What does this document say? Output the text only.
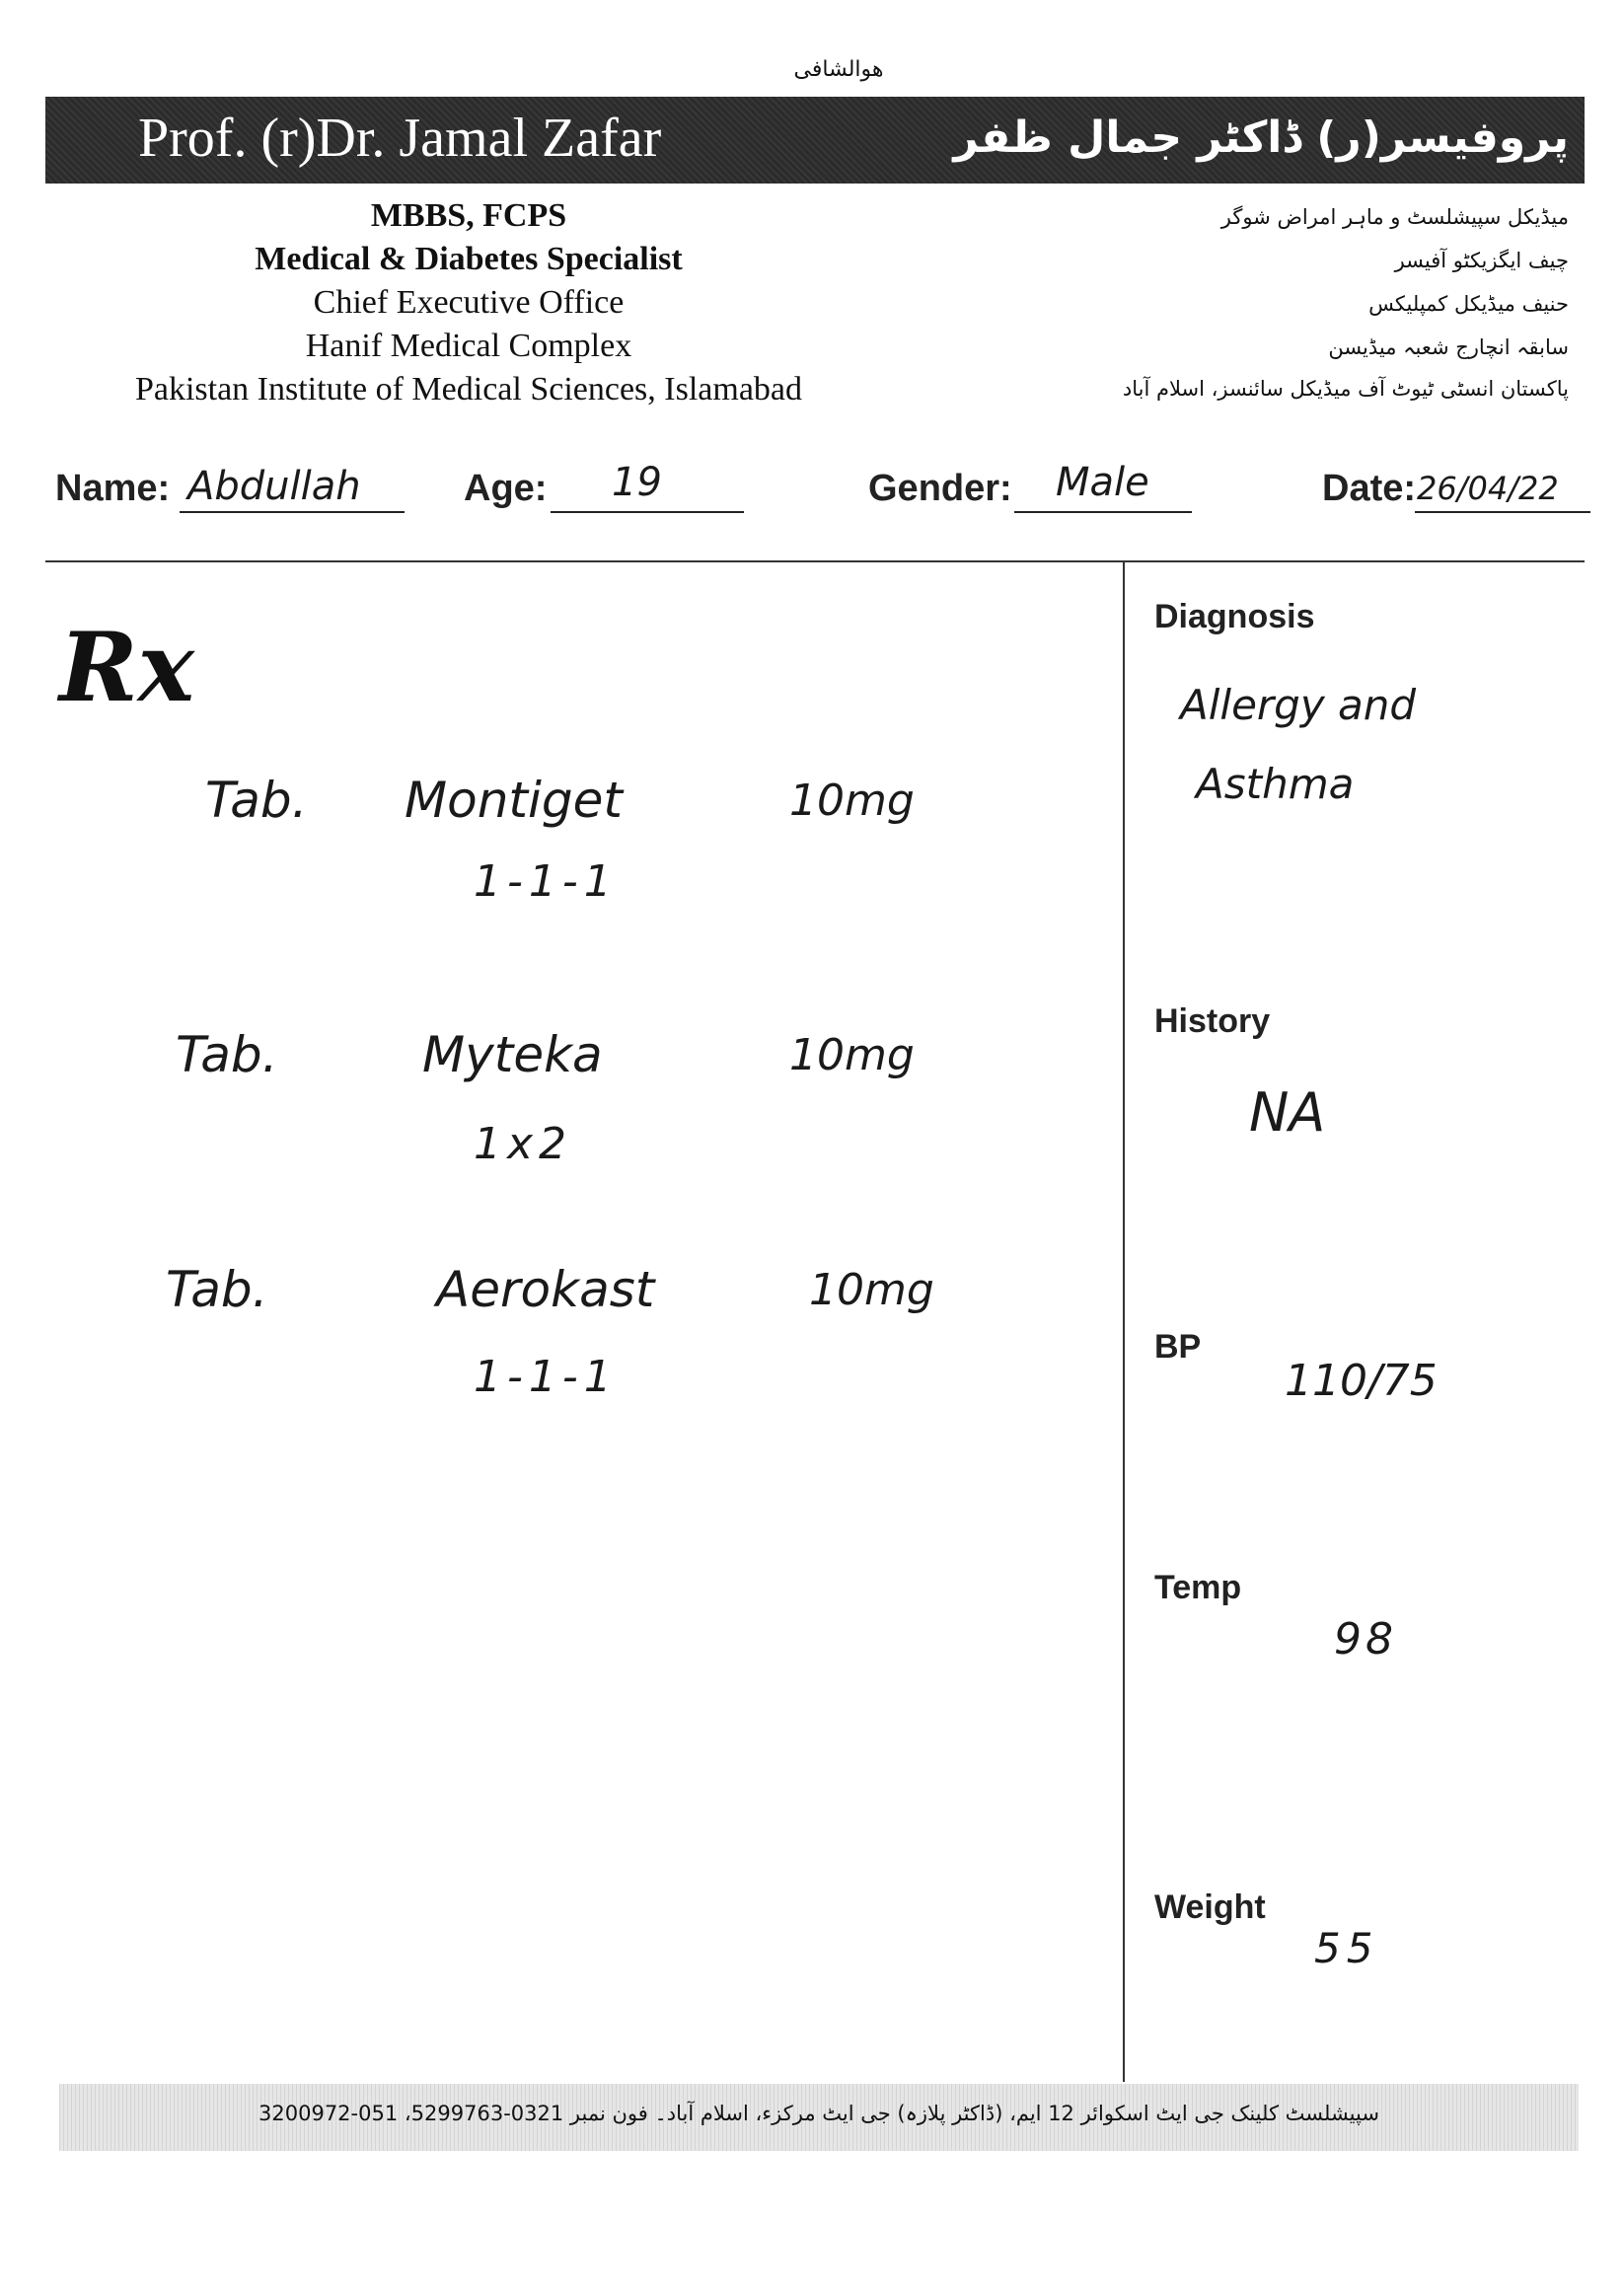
هوالشافی
Prof. (r)Dr. Jamal Zafar	پروفیسر(ر) ڈاکٹر جمال ظفر
MBBS, FCPS
Medical & Diabetes Specialist
Chief Executive Office
Hanif Medical Complex
Pakistan Institute of Medical Sciences, Islamabad
میڈیکل سپیشلسٹ و ماہر امراض شوگر
چیف ایگزیکٹو آفیسر
حنیف میڈیکل کمپلیکس
سابقہ انچارج شعبہ میڈیسن
پاکستان انسٹی ٹیوٹ آف میڈیکل سائنسز، اسلام آباد
Name: Abdullah	Age: 19	Gender: Male	Date: 26/04/22
Rx
Tab. Montiget	10mg
1-1-1
Tab.	Myteka	10mg
1x2
Tab.	Aerokast	10mg
1-1-1
Diagnosis
Allergy and
Asthma
History
NA
BP
110/75
Temp
98
Weight
55
سپیشلسٹ کلینک جی ایٹ اسکوائر 12 ایم، (ڈاکٹر پلازہ) جی ایٹ مرکزء، اسلام آباد۔ فون نمبر 0321-5299763، 051-3200972
